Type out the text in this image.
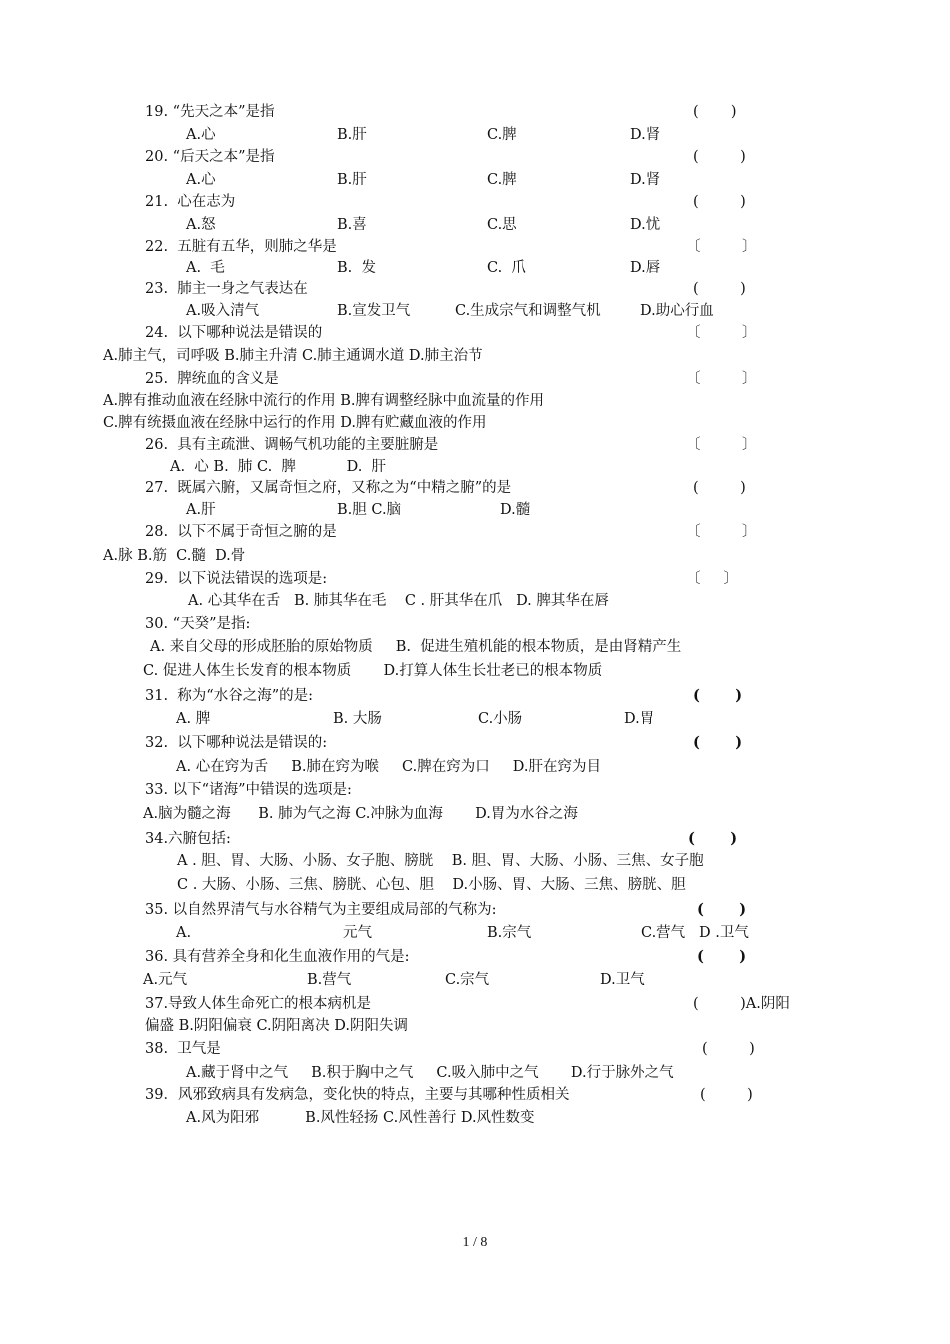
19. “先天之本”是指	(       )
A.心	B.肝	C.脾	D.肾
20. “后天之本”是指	(         )
A.心	B.肝	C.脾	D.肾
21.  心在志为	(         )
A.怒	B.喜	C.思	D.忧
22.  五脏有五华，则肺之华是	〔         〕
A.  毛	B.  发	C.  爪	D.唇
23.  肺主一身之气表达在	(         )
A.吸入清气	B.宣发卫气	C.生成宗气和调整气机	D.助心行血
24.  以下哪种说法是错误的	〔         〕
A.肺主气，司呼吸 B.肺主升清 C.肺主通调水道 D.肺主治节
25.  脾统血的含义是	〔         〕
A.脾有推动血液在经脉中流行的作用 B.脾有调整经脉中血流量的作用
C.脾有统摄血液在经脉中运行的作用 D.脾有贮藏血液的作用
26.  具有主疏泄、调畅气机功能的主要脏腑是	〔         〕
A.  心 B.  肺 C.  脾           D.  肝
27.  既属六腑，又属奇恒之府，又称之为“中精之腑”的是	(         )
A.肝	B.胆 C.脑	D.髓
28.  以下不属于奇恒之腑的是	〔         〕
A.脉 B.筋  C.髓  D.骨
29.  以下说法错误的选项是:	〔     〕
A. 心其华在舌   B. 肺其华在毛    C . 肝其华在爪   D. 脾其华在唇
30. “天癸”是指:
A. 来自父母的形成胚胎的原始物质     B.  促进生殖机能的根本物质，是由肾精产生
C. 促进人体生长发育的根本物质       D.打算人体生长壮老已的根本物质
31.  称为“水谷之海”的是:	(       )
A. 脾	B. 大肠	C.小肠	D.胃
32.  以下哪种说法是错误的:	(       )
A. 心在窍为舌     B.肺在窍为喉     C.脾在窍为口     D.肝在窍为目
33. 以下“诸海”中错误的选项是:
A.脑为髓之海      B. 肺为气之海 C.冲脉为血海       D.胃为水谷之海
34.六腑包括:	(       )
A . 胆、胃、大肠、小肠、女子胞、膀胱    B. 胆、胃、大肠、小肠、三焦、女子胞
C . 大肠、小肠、三焦、膀胱、心包、胆    D.小肠、胃、大肠、三焦、膀胱、胆
35. 以自然界清气与水谷精气为主要组成局部的气称为:	(       )
A.	元气	B.宗气	C.营气   D .卫气
36. 具有营养全身和化生血液作用的气是:	(       )
A.元气	B.营气	C.宗气	D.卫气
37.导致人体生命死亡的根本病机是	(         )A.阴阳
偏盛 B.阴阳偏衰 C.阴阳离决 D.阴阳失调
38.  卫气是	(         )
A.藏于肾中之气     B.积于胸中之气     C.吸入肺中之气       D.行于脉外之气
39．风邪致病具有发病急，变化快的特点，主要与其哪种性质相关	(         )
A.风为阳邪          B.风性轻扬 C.风性善行 D.风性数变
1 / 8
